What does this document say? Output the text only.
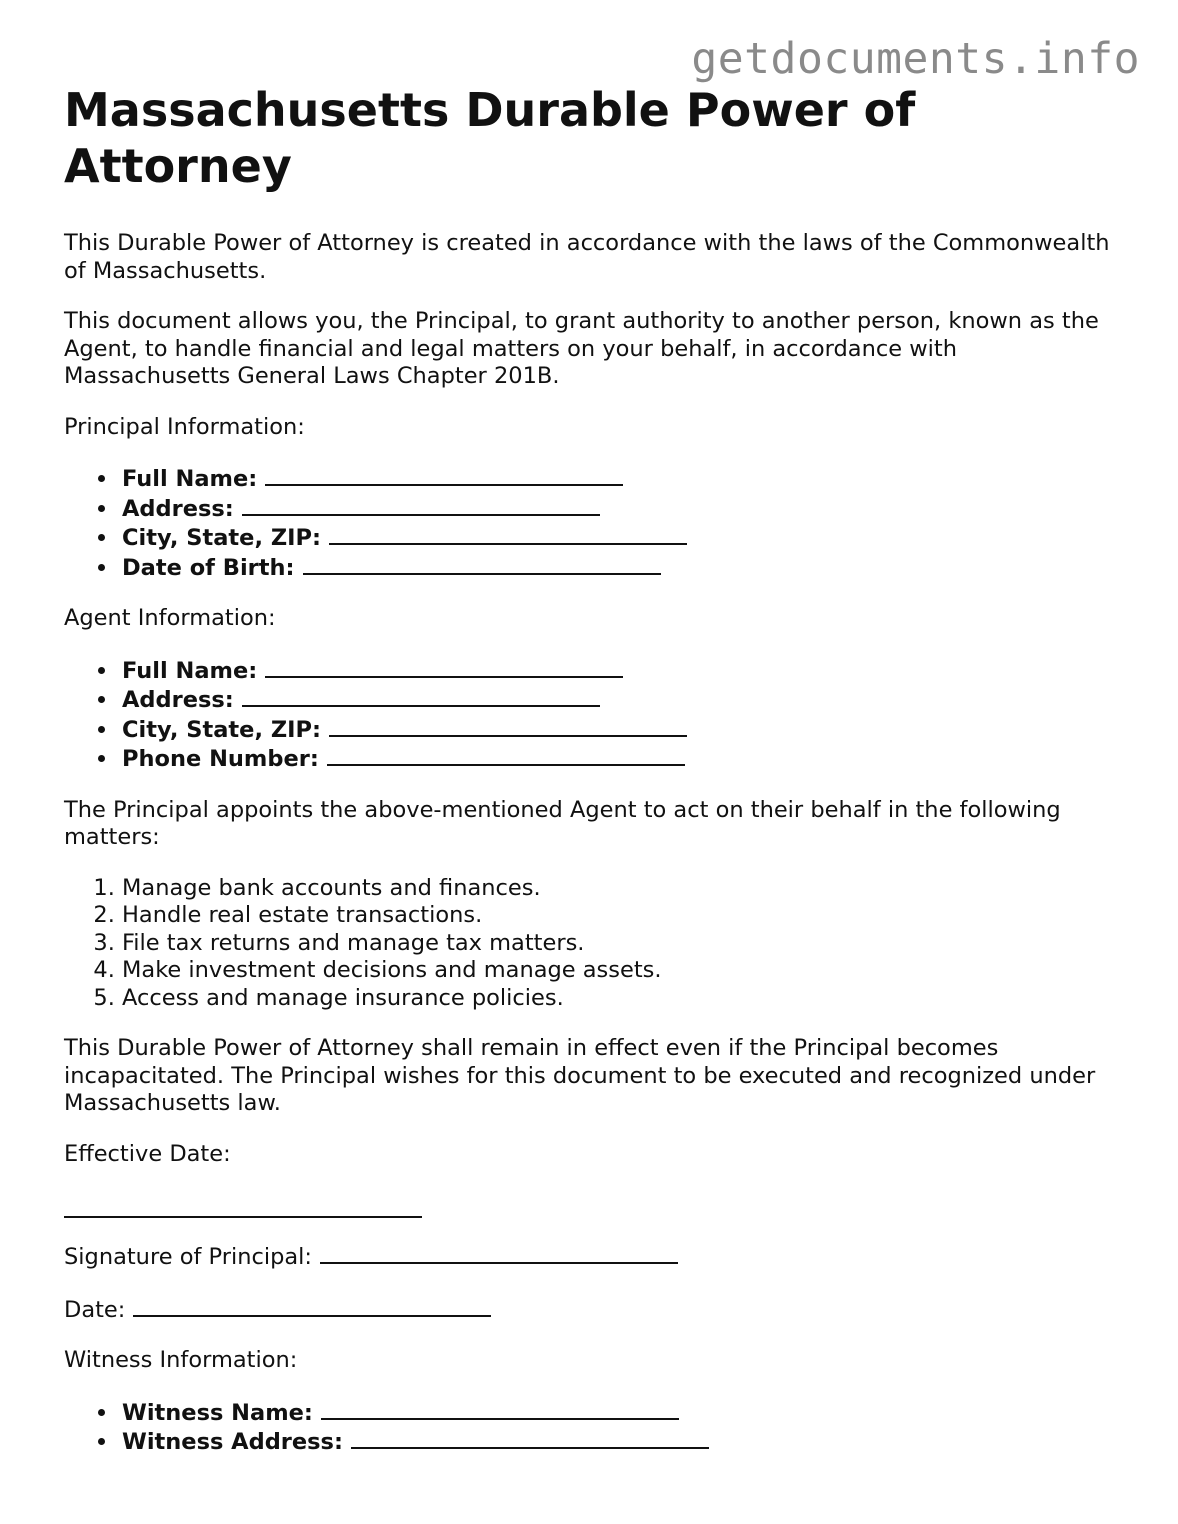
getdocuments.info
Massachusetts Durable Power of Attorney

This Durable Power of Attorney is created in accordance with the laws of the Commonwealth of Massachusetts.

This document allows you, the Principal, to grant authority to another person, known as the Agent, to handle financial and legal matters on your behalf, in accordance with Massachusetts General Laws Chapter 201B.

Principal Information:

Full Name:
Address:
City, State, ZIP:
Date of Birth:

Agent Information:

Full Name:
Address:
City, State, ZIP:
Phone Number:

The Principal appoints the above-mentioned Agent to act on their behalf in the following matters:

1. Manage bank accounts and finances.
2. Handle real estate transactions.
3. File tax returns and manage tax matters.
4. Make investment decisions and manage assets.
5. Access and manage insurance policies.

This Durable Power of Attorney shall remain in effect even if the Principal becomes incapacitated. The Principal wishes for this document to be executed and recognized under Massachusetts law.

Effective Date:

Signature of Principal:

Date:

Witness Information:

Witness Name:
Witness Address:
